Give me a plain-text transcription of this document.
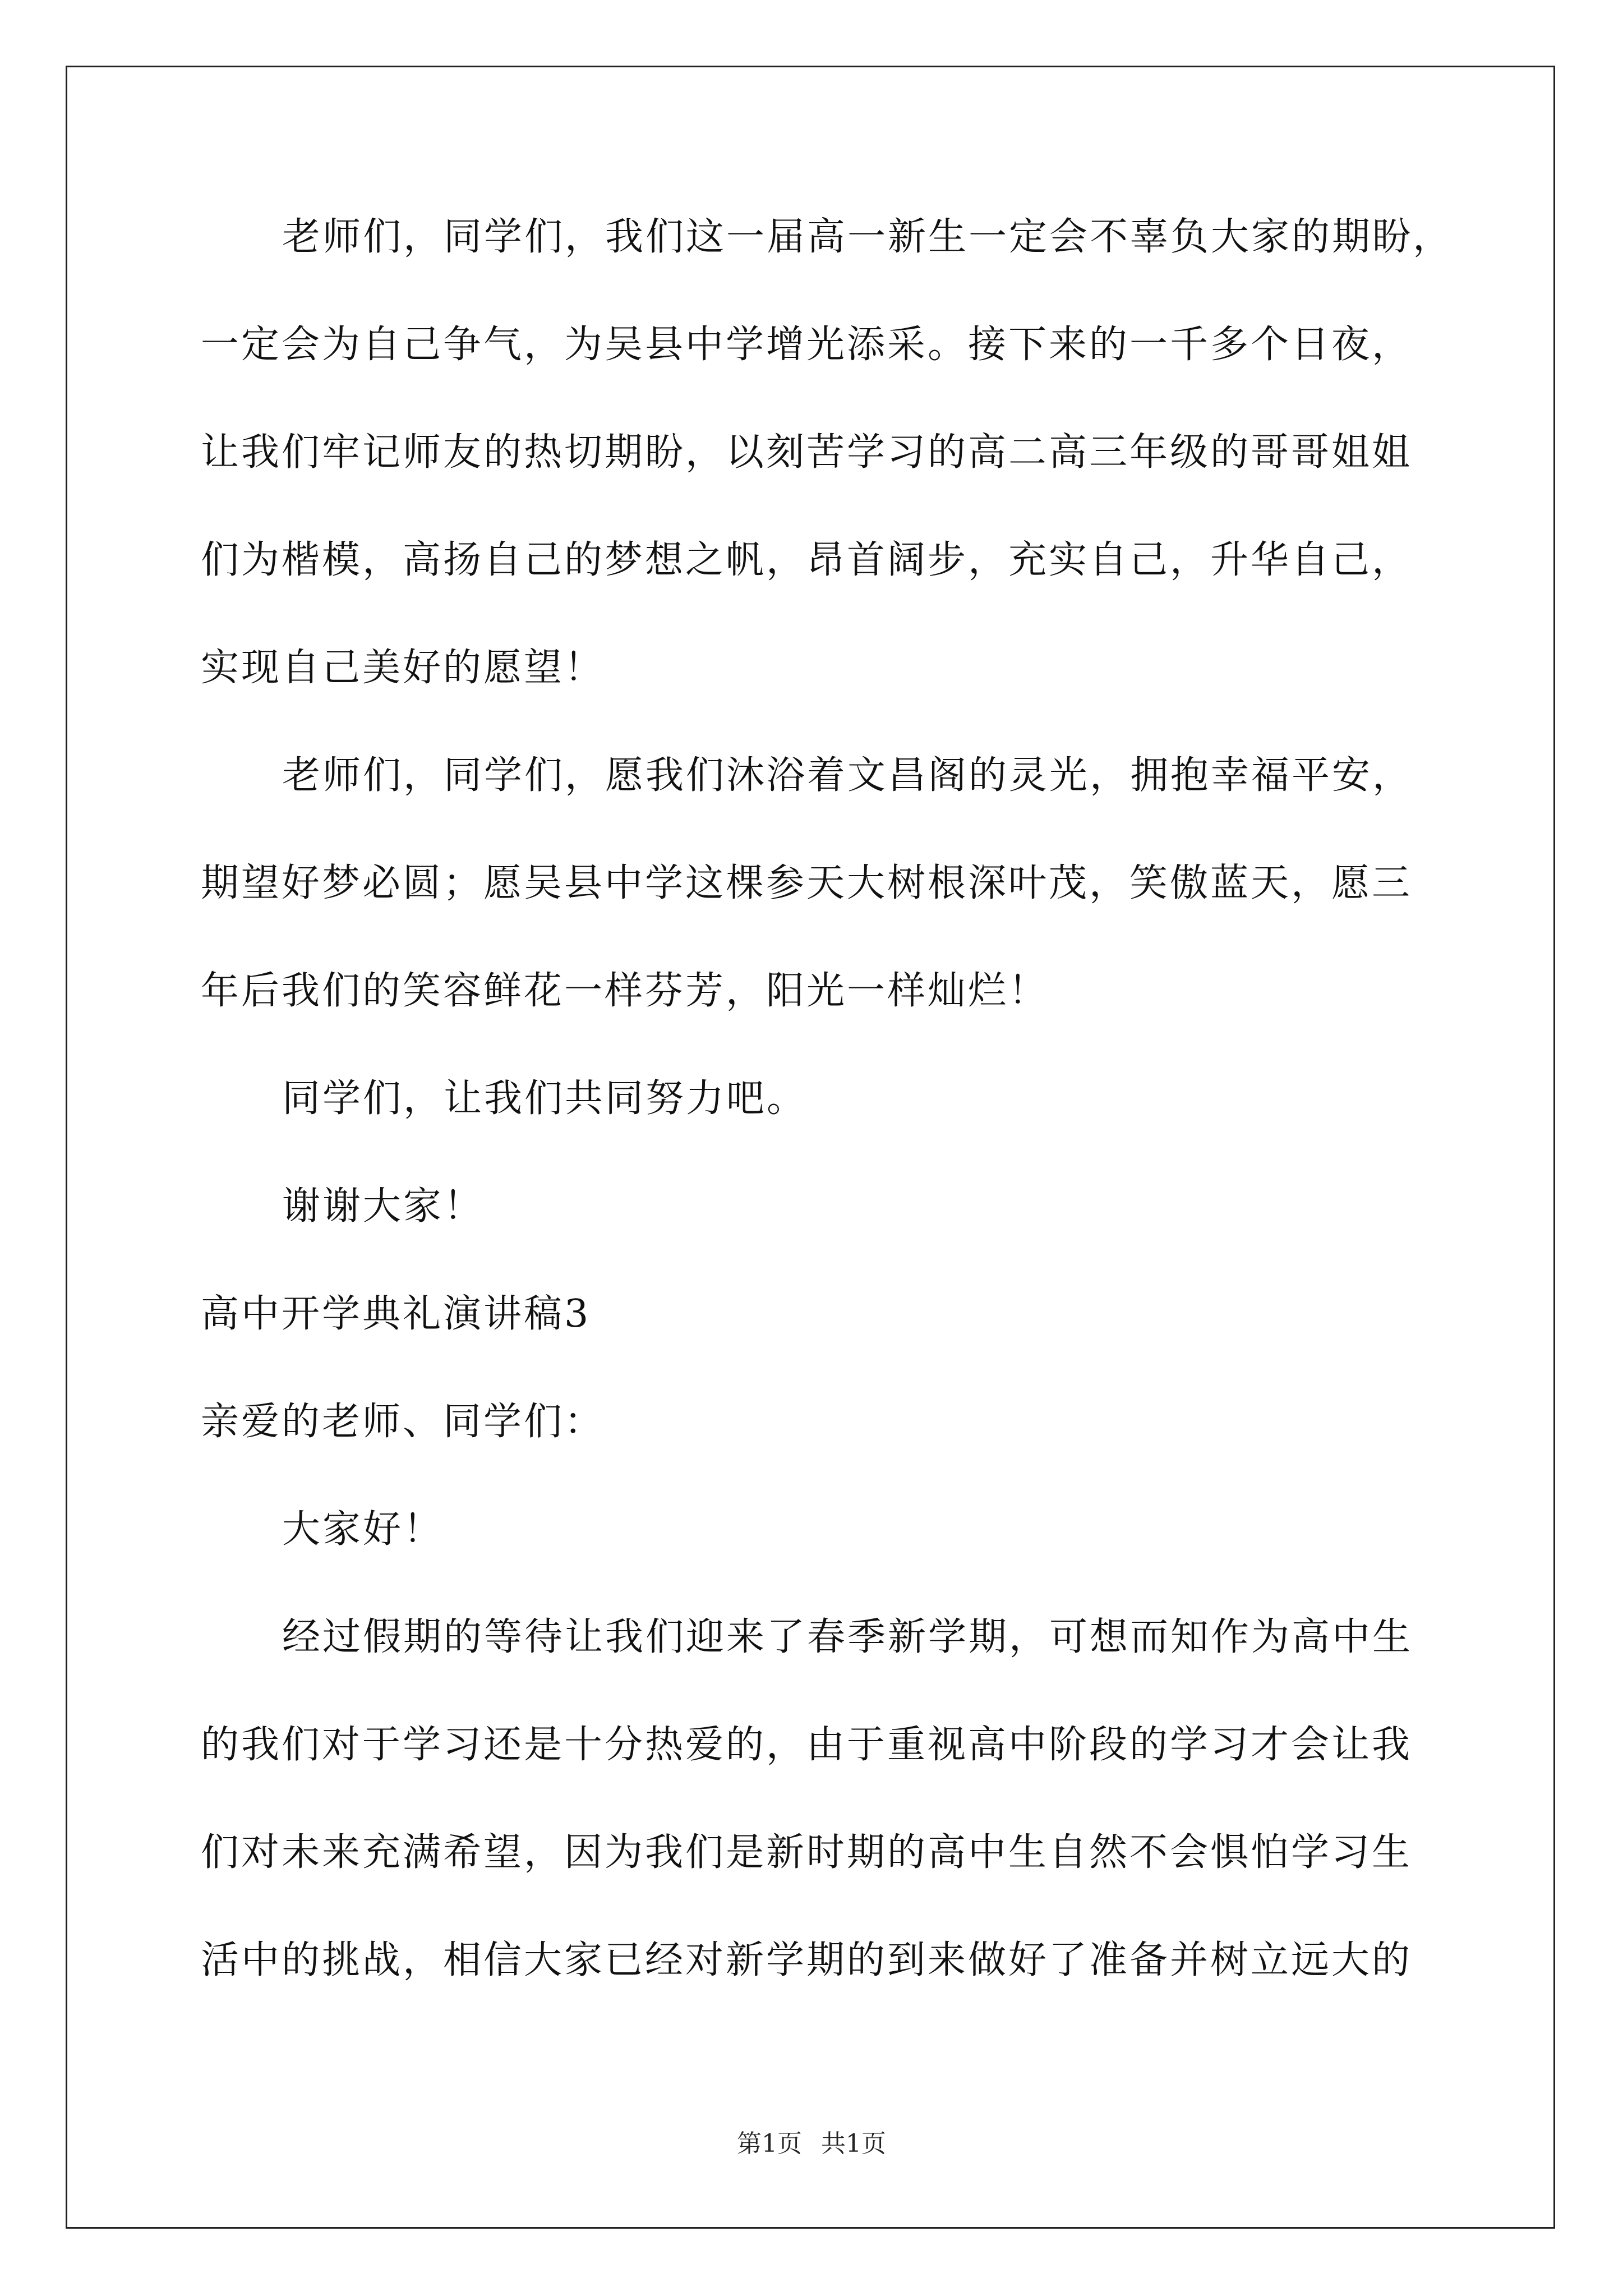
老师们，同学们，我们这一届高一新生一定会不辜负大家的期盼，
一定会为自己争气，为吴县中学增光添采。接下来的一千多个日夜，
让我们牢记师友的热切期盼，以刻苦学习的高二高三年级的哥哥姐姐
们为楷模，高扬自己的梦想之帆，昂首阔步，充实自己，升华自己，
实现自己美好的愿望！
老师们，同学们，愿我们沐浴着文昌阁的灵光，拥抱幸福平安，
期望好梦必圆；愿吴县中学这棵参天大树根深叶茂，笑傲蓝天，愿三
年后我们的笑容鲜花一样芬芳，阳光一样灿烂！
同学们，让我们共同努力吧。
谢谢大家！
高中开学典礼演讲稿3
亲爱的老师、同学们：
大家好！
经过假期的等待让我们迎来了春季新学期，可想而知作为高中生
的我们对于学习还是十分热爱的，由于重视高中阶段的学习才会让我
们对未来充满希望，因为我们是新时期的高中生自然不会惧怕学习生
活中的挑战，相信大家已经对新学期的到来做好了准备并树立远大的
第1页 共1页
